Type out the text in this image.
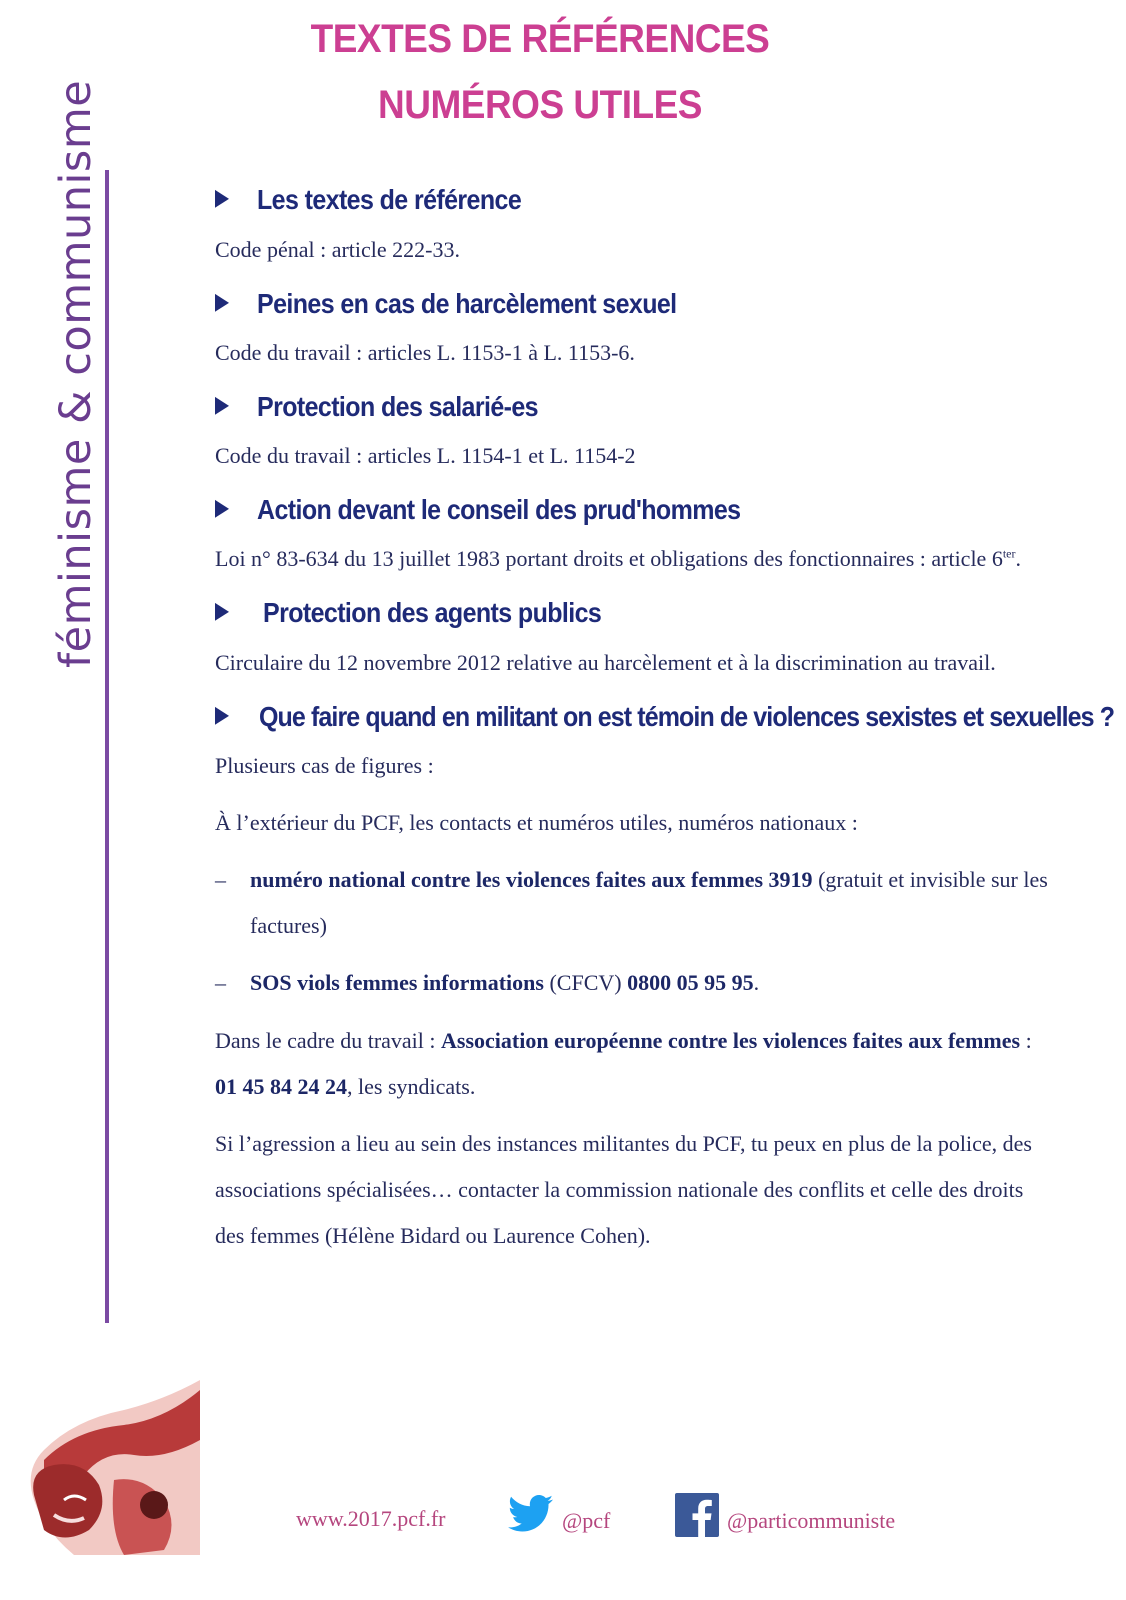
TEXTES DE RÉFÉRENCES
NUMÉROS UTILES
féminisme & communisme	Les textes de référence
Code pénal : article 222-33.
Peines en cas de harcèlement sexuel
Code du travail : articles L. 1153-1 à L. 1153-6.
Protection des salarié-es
Code du travail : articles L. 1154-1 et L. 1154-2
Action devant le conseil des prud'hommes
Loi n° 83-634 du 13 juillet 1983 portant droits et obligations des fonctionnaires : article $6^{ter}$.
Protection des agents publics
Circulaire du 12 novembre 2012 relative au harcèlement et à la discrimination au travail.
Que faire quand en militant on est témoin de violences sexistes et sexuelles ?
Plusieurs cas de figures :
À l’extérieur du PCF, les contacts et numéros utiles, numéros nationaux :
– numéro national contre les violences faites aux femmes 3919 (gratuit et invisible sur les
factures)
– SOS viols femmes informations (CFCV) 0800 05 95 95.
Dans le cadre du travail : Association européenne contre les violences faites aux femmes :
01 45 84 24 24, les syndicats.
Si l’agression a lieu au sein des instances militantes du PCF, tu peux en plus de la police, des
associations spécialisées… contacter la commission nationale des conflits et celle des droits
des femmes (Hélène Bidard ou Laurence Cohen).
www.2017.pcf.fr	@pcf	@particommuniste
